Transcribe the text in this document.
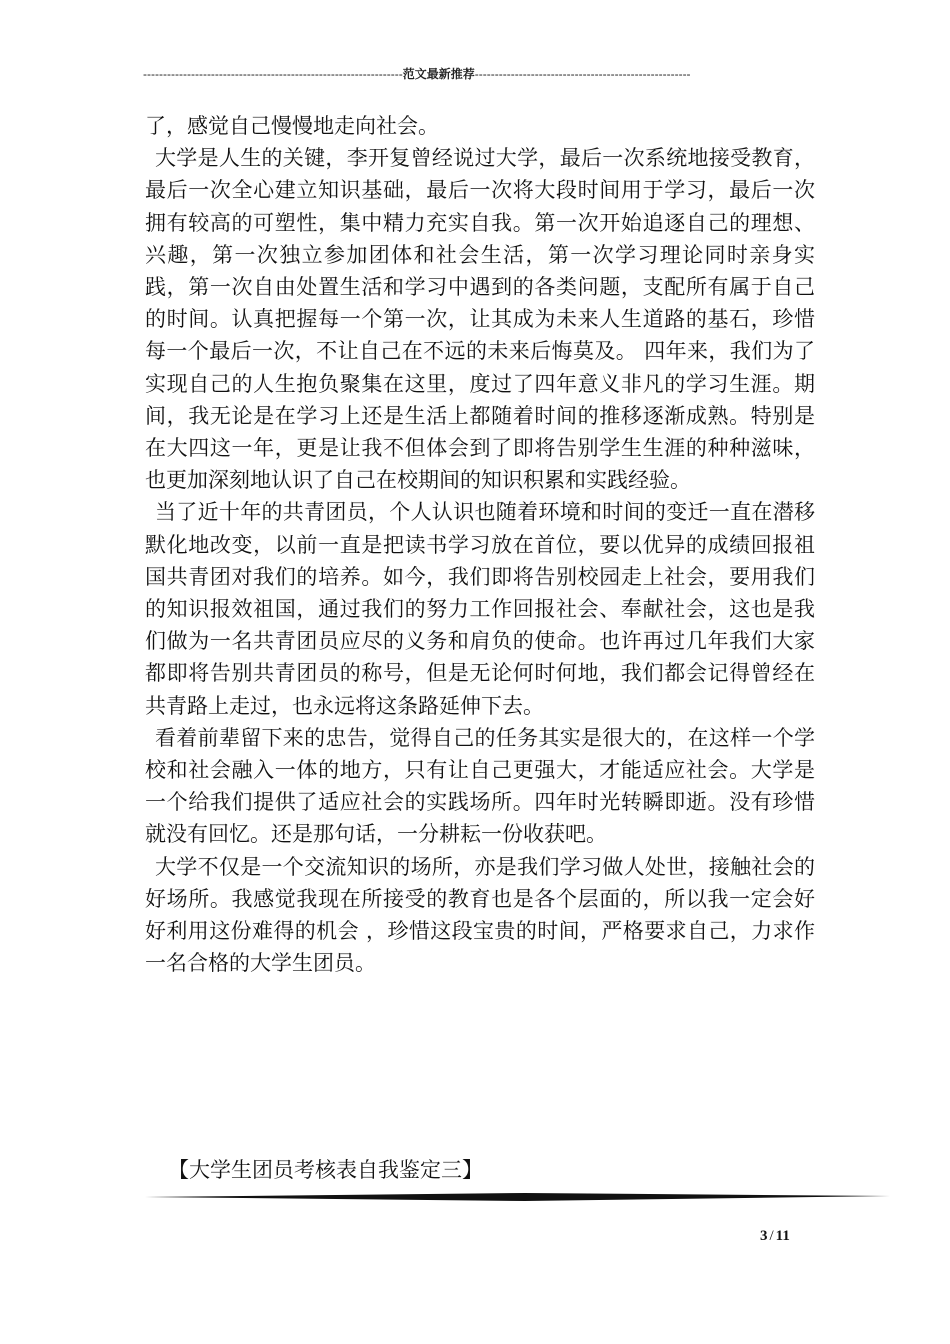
-----------------------------------------------------------------范文最新推荐------------------------------------------------------

了，感觉自己慢慢地走向社会。

大学是人生的关键，李开复曾经说过大学，最后一次系统地接受教育，最后一次全心建立知识基础，最后一次将大段时间用于学习，最后一次拥有较高的可塑性，集中精力充实自我。第一次开始追逐自己的理想、兴趣，第一次独立参加团体和社会生活，第一次学习理论同时亲身实践，第一次自由处置生活和学习中遇到的各类问题，支配所有属于自己的时间。认真把握每一个第一次，让其成为未来人生道路的基石，珍惜每一个最后一次，不让自己在不远的未来后悔莫及。 四年来，我们为了实现自己的人生抱负聚集在这里，度过了四年意义非凡的学习生涯。期间，我无论是在学习上还是生活上都随着时间的推移逐渐成熟。特别是在大四这一年，更是让我不但体会到了即将告别学生生涯的种种滋味，也更加深刻地认识了自己在校期间的知识积累和实践经验。

当了近十年的共青团员，个人认识也随着环境和时间的变迁一直在潜移默化地改变，以前一直是把读书学习放在首位，要以优异的成绩回报祖国共青团对我们的培养。如今，我们即将告别校园走上社会，要用我们的知识报效祖国，通过我们的努力工作回报社会、奉献社会，这也是我们做为一名共青团员应尽的义务和肩负的使命。也许再过几年我们大家都即将告别共青团员的称号，但是无论何时何地，我们都会记得曾经在共青路上走过，也永远将这条路延伸下去。

看着前辈留下来的忠告，觉得自己的任务其实是很大的，在这样一个学校和社会融入一体的地方，只有让自己更强大，才能适应社会。大学是一个给我们提供了适应社会的实践场所。四年时光转瞬即逝。没有珍惜就没有回忆。还是那句话，一分耕耘一份收获吧。

大学不仅是一个交流知识的场所，亦是我们学习做人处世，接触社会的好场所。我感觉我现在所接受的教育也是各个层面的，所以我一定会好好利用这份难得的机会 ，珍惜这段宝贵的时间，严格要求自己，力求作一名合格的大学生团员。

【大学生团员考核表自我鉴定三】
3 / 11
